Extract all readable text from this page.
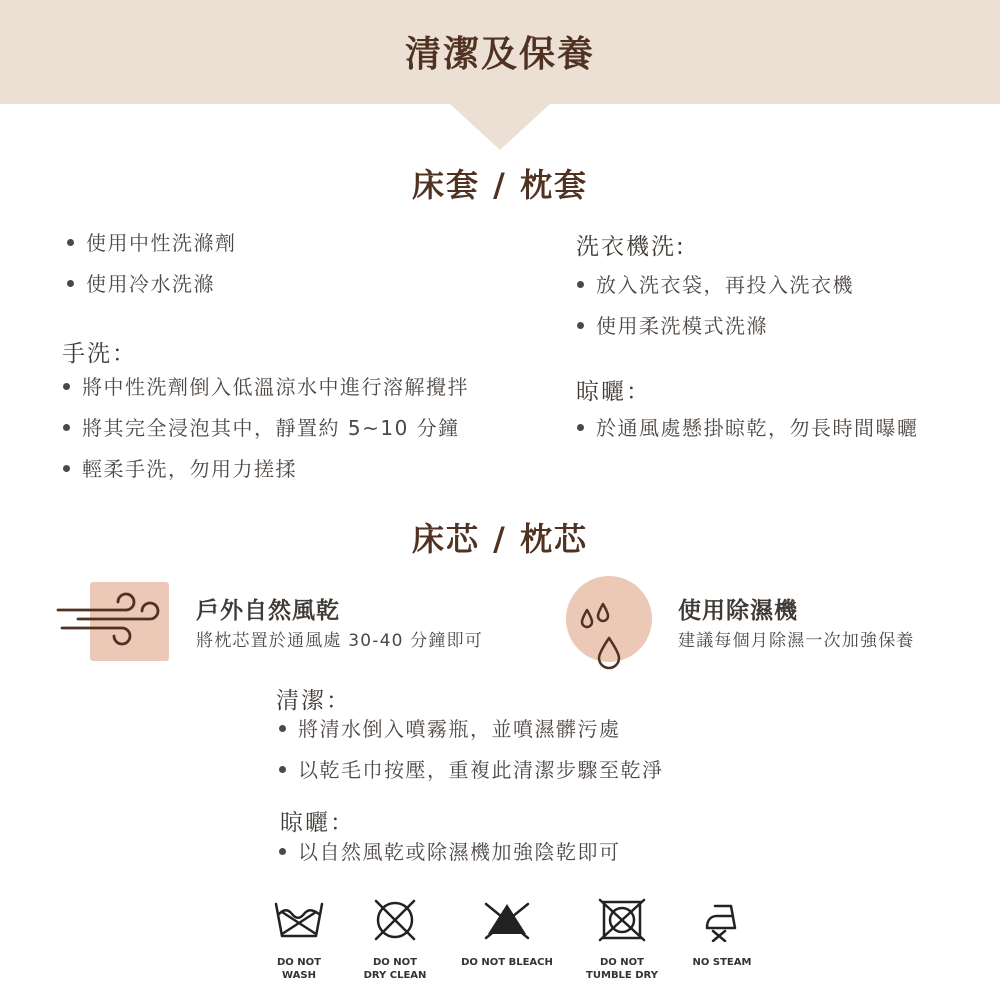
清潔及保養
床套 / 枕套
使用中性洗滌劑
使用冷水洗滌
手洗：
將中性洗劑倒入低溫涼水中進行溶解攪拌
將其完全浸泡其中，靜置約 5~10 分鐘
輕柔手洗，勿用力搓揉
洗衣機洗:
放入洗衣袋，再投入洗衣機
使用柔洗模式洗滌
晾曬：
於通風處懸掛晾乾，勿長時間曝曬
床芯 / 枕芯
戶外自然風乾
將枕芯置於通風處 30-40 分鐘即可
使用除濕機
建議每個月除濕一次加強保養
清潔：
將清水倒入噴霧瓶，並噴濕髒污處
以乾毛巾按壓，重複此清潔步驟至乾淨
晾曬：
以自然風乾或除濕機加強陰乾即可
DO NOT
WASH
DO NOT
DRY CLEAN
DO NOT BLEACH	DO NOT
TUMBLE DRY
NO STEAM
